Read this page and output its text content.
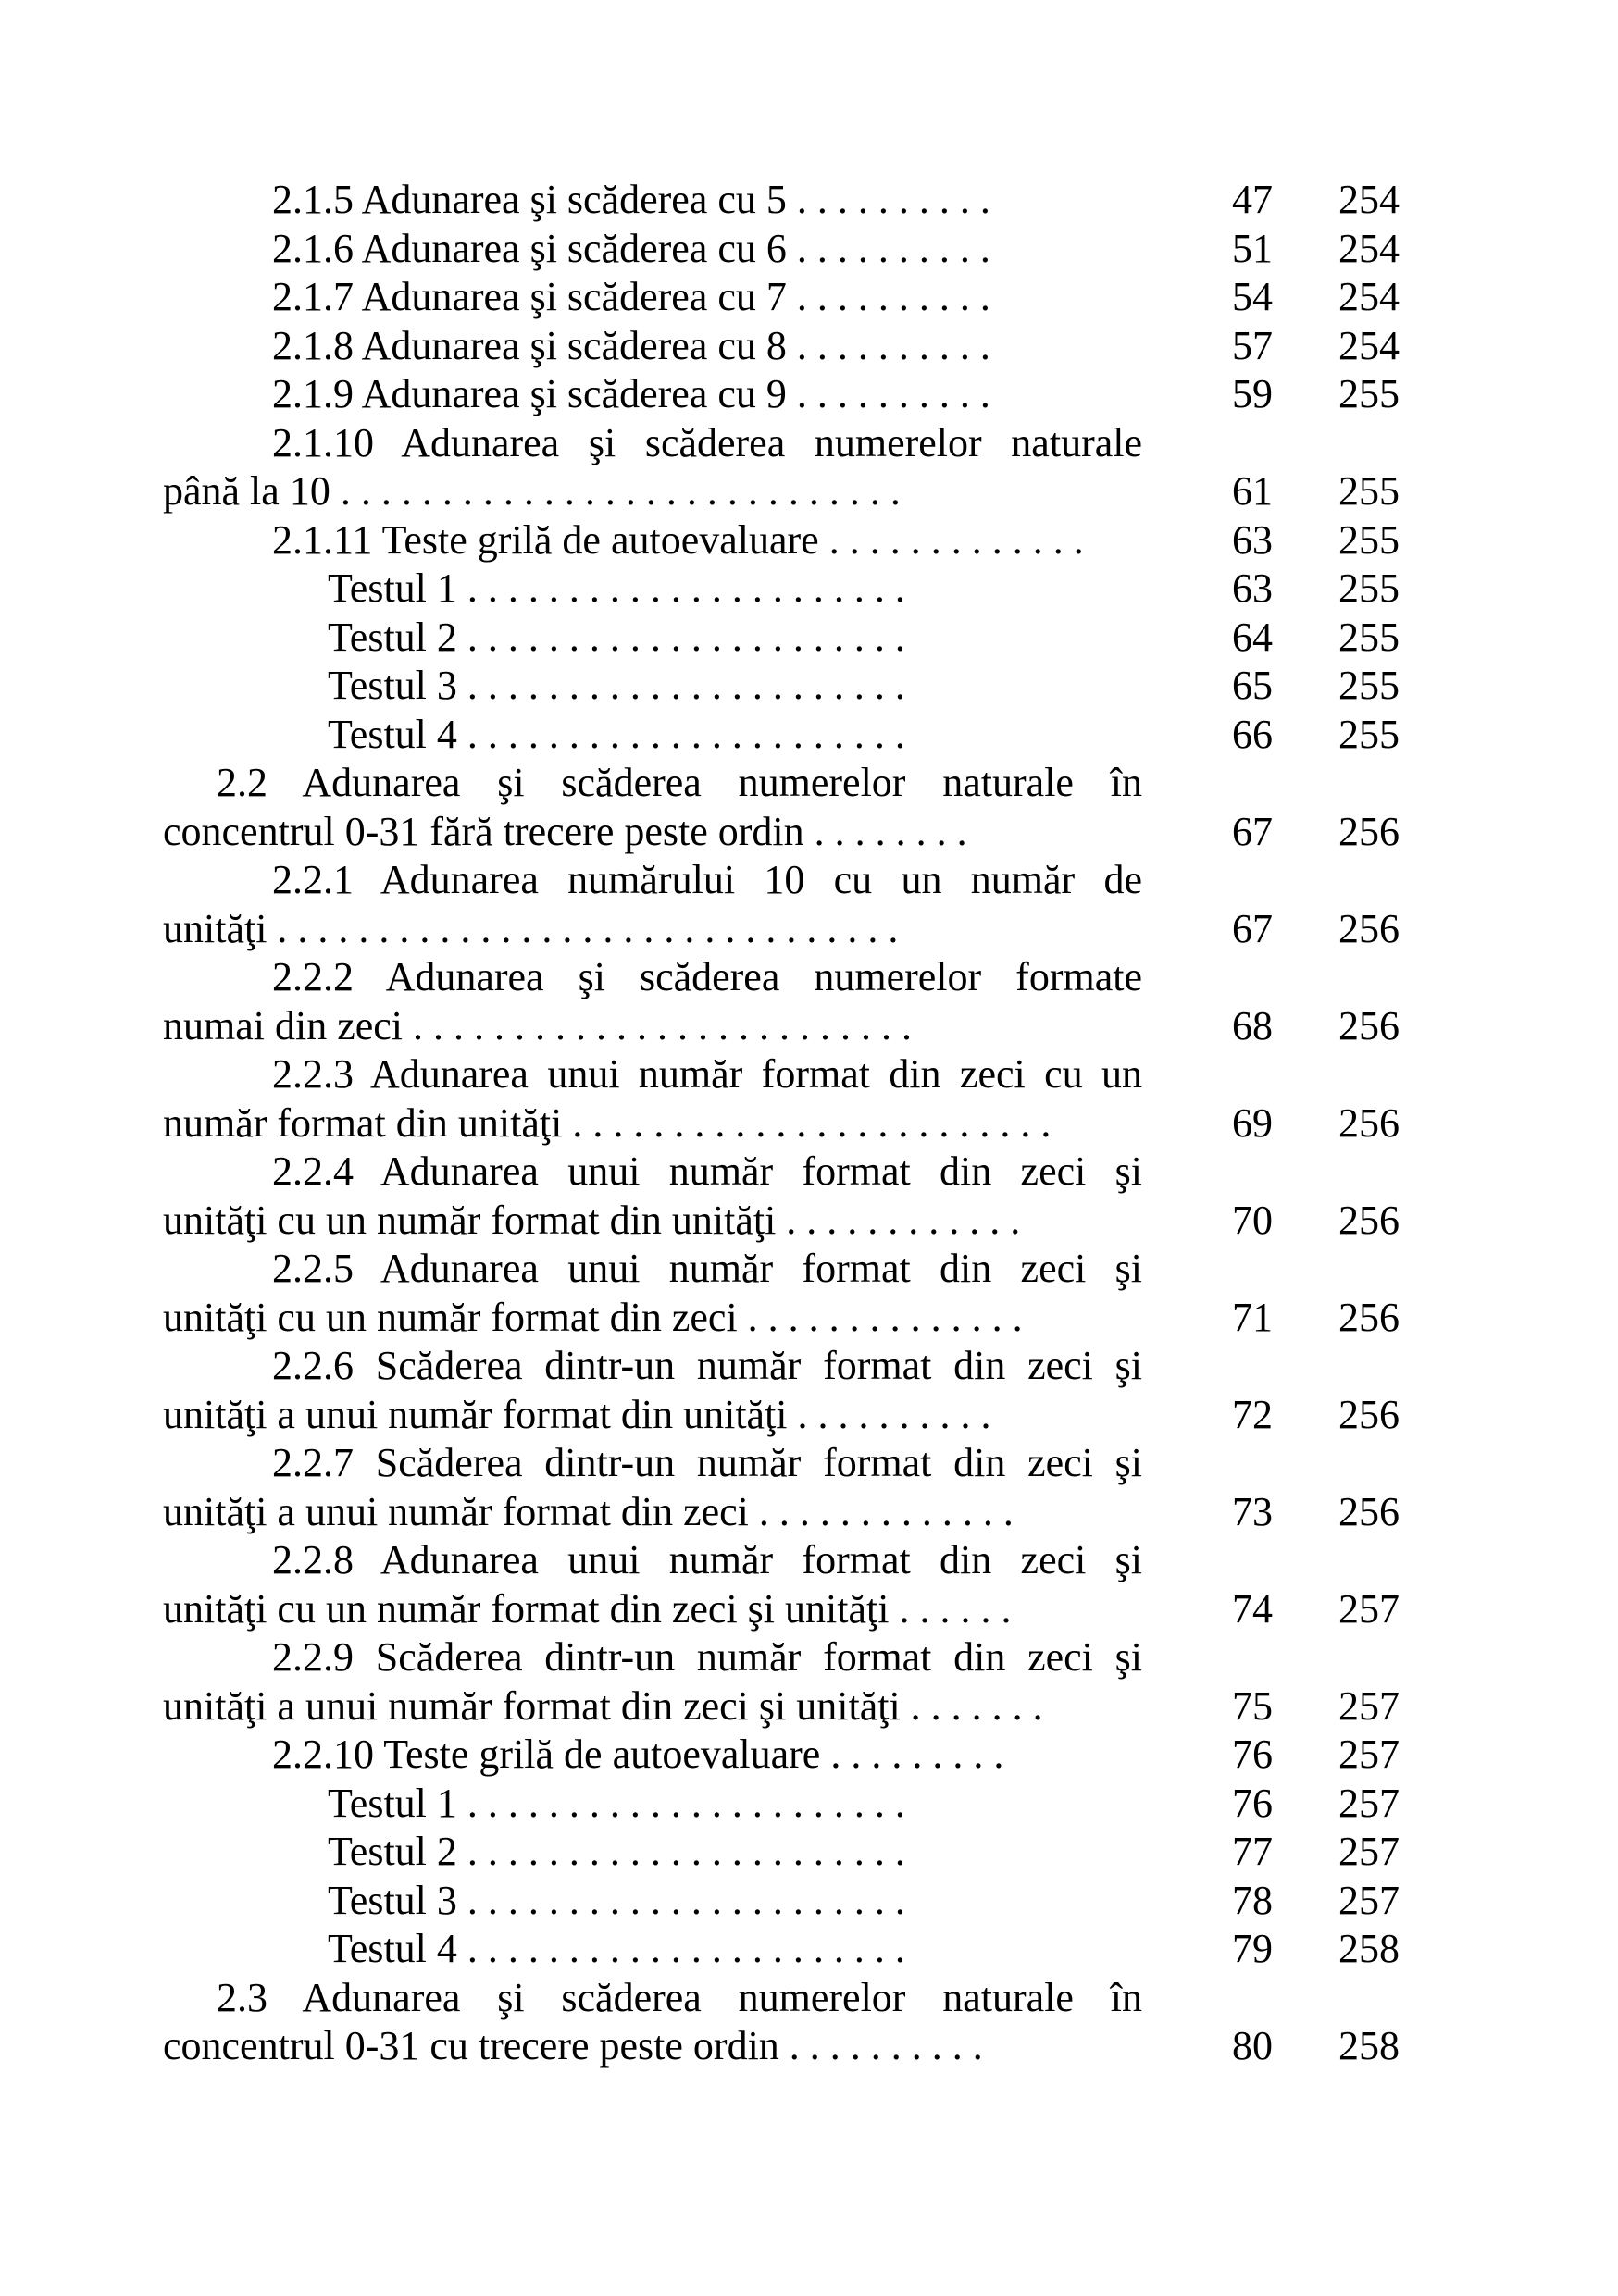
2.1.5 Adunarea şi scăderea cu 5 . . . . . . . . . .	47	254
2.1.6 Adunarea şi scăderea cu 6 . . . . . . . . . .	51	254
2.1.7 Adunarea şi scăderea cu 7 . . . . . . . . . .	54	254
2.1.8 Adunarea şi scăderea cu 8 . . . . . . . . . .	57	254
2.1.9 Adunarea şi scăderea cu 9 . . . . . . . . . .	59	255
2.1.10 Adunarea şi scăderea numerelor naturale
până la 10 . . . . . . . . . . . . . . . . . . . . . . . . . . . .	61	255
2.1.11 Teste grilă de autoevaluare . . . . . . . . . . . . .	63	255
Testul 1 . . . . . . . . . . . . . . . . . . . . . .	63	255
Testul 2 . . . . . . . . . . . . . . . . . . . . . .	64	255
Testul 3 . . . . . . . . . . . . . . . . . . . . . .	65	255
Testul 4 . . . . . . . . . . . . . . . . . . . . . .	66	255
2.2 Adunarea şi scăderea numerelor naturale în
concentrul 0-31 fără trecere peste ordin . . . . . . . .	67	256
2.2.1 Adunarea numărului 10 cu un număr de
unităţi . . . . . . . . . . . . . . . . . . . . . . . . . . . . . . .	67	256
2.2.2 Adunarea şi scăderea numerelor formate
numai din zeci . . . . . . . . . . . . . . . . . . . . . . . . .	68	256
2.2.3 Adunarea unui număr format din zeci cu un
număr format din unităţi . . . . . . . . . . . . . . . . . . . . . . . .	69	256
2.2.4 Adunarea unui număr format din zeci şi
unităţi cu un număr format din unităţi . . . . . . . . . . . .	70	256
2.2.5 Adunarea unui număr format din zeci şi
unităţi cu un număr format din zeci . . . . . . . . . . . . . .	71	256
2.2.6 Scăderea dintr-un număr format din zeci şi
unităţi a unui număr format din unităţi . . . . . . . . . .	72	256
2.2.7 Scăderea dintr-un număr format din zeci şi
unităţi a unui număr format din zeci . . . . . . . . . . . . .	73	256
2.2.8 Adunarea unui număr format din zeci şi
unităţi cu un număr format din zeci şi unităţi . . . . . .	74	257
2.2.9 Scăderea dintr-un număr format din zeci şi
unităţi a unui număr format din zeci şi unităţi . . . . . . .	75	257
2.2.10 Teste grilă de autoevaluare . . . . . . . . .	76	257
Testul 1 . . . . . . . . . . . . . . . . . . . . . .	76	257
Testul 2 . . . . . . . . . . . . . . . . . . . . . .	77	257
Testul 3 . . . . . . . . . . . . . . . . . . . . . .	78	257
Testul 4 . . . . . . . . . . . . . . . . . . . . . .	79	258
2.3 Adunarea şi scăderea numerelor naturale în
concentrul 0-31 cu trecere peste ordin . . . . . . . . . .	80	258
